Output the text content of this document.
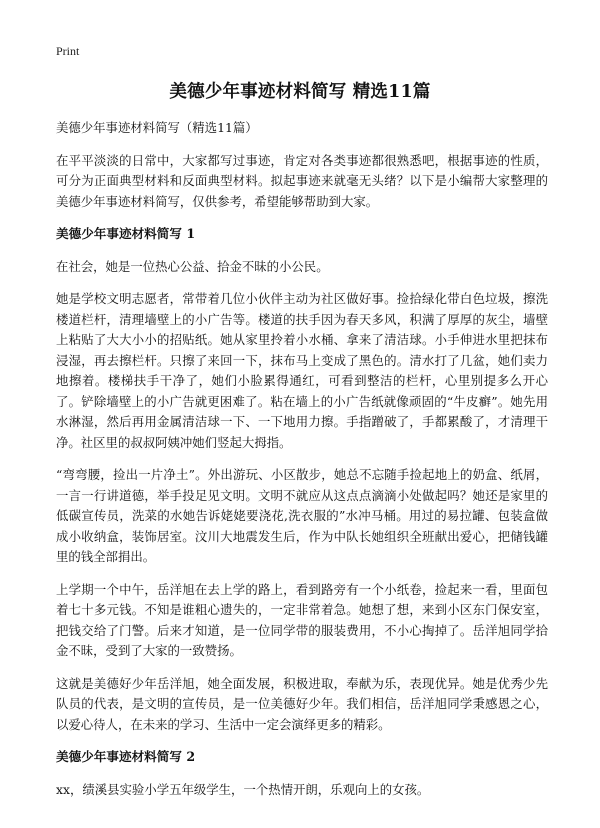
Print
美德少年事迹材料简写 精选11篇

美德少年事迹材料简写（精选11篇）

在平平淡淡的日常中，大家都写过事迹，肯定对各类事迹都很熟悉吧，根据事迹的性质，可分为正面典型材料和反面典型材料。拟起事迹来就毫无头绪？以下是小编帮大家整理的美德少年事迹材料简写，仅供参考，希望能够帮助到大家。

美德少年事迹材料简写 1

在社会，她是一位热心公益、拾金不昧的小公民。

她是学校文明志愿者，常带着几位小伙伴主动为社区做好事。捡拾绿化带白色垃圾，擦洗楼道栏杆，清理墙壁上的小广告等。楼道的扶手因为春天多风，积满了厚厚的灰尘，墙壁上粘贴了大大小小的招贴纸。她从家里拎着小水桶、拿来了清洁球。小手伸进水里把抹布浸湿，再去擦栏杆。只擦了来回一下，抹布马上变成了黑色的。清水打了几盆，她们卖力地擦着。楼梯扶手干净了，她们小脸累得通红，可看到整洁的栏杆，心里别提多么开心了。铲除墙壁上的小广告就更困难了。粘在墙上的小广告纸就像顽固的“牛皮癣”。她先用水淋湿，然后再用金属清洁球一下、一下地用力擦。手指蹭破了，手都累酸了，才清理干净。社区里的叔叔阿姨冲她们竖起大拇指。

“弯弯腰，捡出一片净土”。外出游玩、小区散步，她总不忘随手捡起地上的奶盒、纸屑，一言一行讲道德，举手投足见文明。文明不就应从这点点滴滴小处做起吗？她还是家里的低碳宣传员，洗菜的水她告诉姥姥要浇花,洗衣服的”水冲马桶。用过的易拉罐、包装盒做成小收纳盒，装饰居室。汶川大地震发生后，作为中队长她组织全班献出爱心，把储钱罐里的钱全部捐出。

上学期一个中午，岳洋旭在去上学的路上，看到路旁有一个小纸卷，捡起来一看，里面包着七十多元钱。不知是谁粗心遗失的，一定非常着急。她想了想，来到小区东门保安室，把钱交给了门警。后来才知道，是一位同学带的服装费用，不小心掏掉了。岳洋旭同学拾金不昧，受到了大家的一致赞扬。

这就是美德好少年岳洋旭，她全面发展，积极进取，奉献为乐，表现优异。她是优秀少先队员的代表，是文明的宣传员，是一位美德好少年。我们相信，岳洋旭同学秉感恩之心，以爱心待人，在未来的学习、生活中一定会演绎更多的精彩。

美德少年事迹材料简写 2

xx，绩溪县实验小学五年级学生，一个热情开朗，乐观向上的女孩。
